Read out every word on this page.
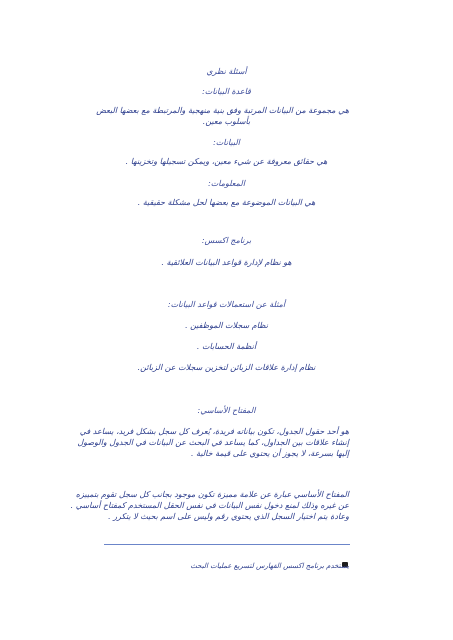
أسئلة نظري
قاعدة البيانات:
هي مجموعة من البيانات المرتبة وفق بنية منهجية والمرتبطة مع بعضها البعض
بأسلوب معين.
البيانات:
هي حقائق معروفة عن شيء معين، ويمكن تسجيلها وتخزينها .
المعلومات:
هي البيانات الموضوعة مع بعضها لحل مشكلة حقيقية .
برنامج اكسس:
هو نظام لإدارة قواعد البيانات العلائقية .
أمثلة عن استعمالات قواعد البيانات:
نظام سجلات الموظفين .
أنظمة الحسابات .
نظام إدارة علاقات الزبائن لتخزين سجلات عن الزبائن.
المفتاح الأساسي:
هو أحد حقول الجدول، تكون بياناته فريدة، يُعرف كل سجل بشكل فريد، يساعد في
إنشاء علاقات بين الجداول، كما يساعد في البحث عن البيانات في الجدول والوصول
إليها بسرعة، لا يجوز أن يحتوي على قيمة خالية .
المفتاح الأساسي عبارة عن علامة مميزة تكون موجود بجانب كل سجل تقوم بتمييزه
عن غيره وذلك لمنع دخول نفس البيانات في نفس الحقل المستخدم كمفتاح أساسي .
وعادة يتم اختيار السجل الذي يحتوي رقم وليس على اسم بحيث لا يتكرر .
يستخدم برنامج اكسس الفهارس لتسريع عمليات البحث
